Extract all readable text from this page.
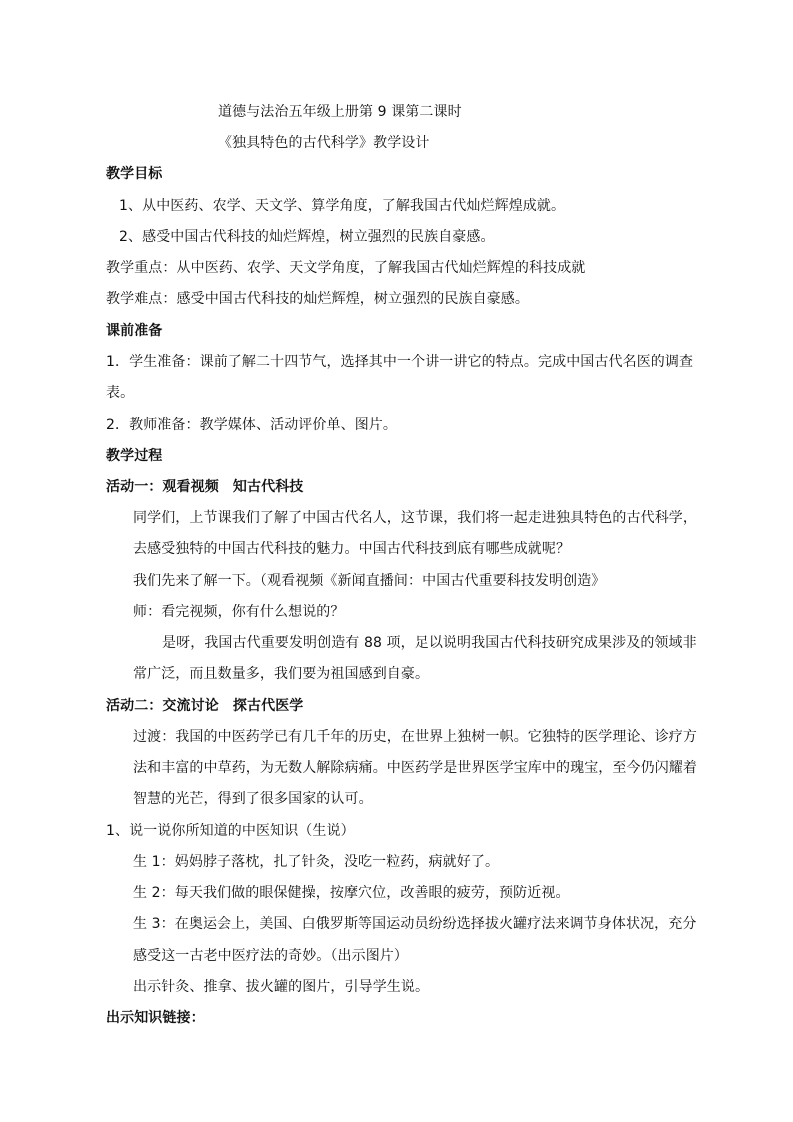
道德与法治五年级上册第 9 课第二课时
《独具特色的古代科学》教学设计
教学目标
1、从中医药、农学、天文学、算学角度，了解我国古代灿烂辉煌成就。
2、感受中国古代科技的灿烂辉煌，树立强烈的民族自豪感。
教学重点：从中医药、农学、天文学角度，了解我国古代灿烂辉煌的科技成就
教学难点：感受中国古代科技的灿烂辉煌，树立强烈的民族自豪感。
课前准备
1．学生准备：课前了解二十四节气，选择其中一个讲一讲它的特点。完成中国古代名医的调查
表。
2．教师准备：教学媒体、活动评价单、图片。
教学过程
活动一：观看视频　知古代科技
同学们，上节课我们了解了中国古代名人，这节课，我们将一起走进独具特色的古代科学，
去感受独特的中国古代科技的魅力。中国古代科技到底有哪些成就呢？
我们先来了解一下。（观看视频《新闻直播间：中国古代重要科技发明创造》
师：看完视频，你有什么想说的？
是呀，我国古代重要发明创造有 88 项，足以说明我国古代科技研究成果涉及的领域非
常广泛，而且数量多，我们要为祖国感到自豪。
活动二：交流讨论　探古代医学
过渡：我国的中医药学已有几千年的历史，在世界上独树一帜。它独特的医学理论、诊疗方
法和丰富的中草药，为无数人解除病痛。中医药学是世界医学宝库中的瑰宝，至今仍闪耀着
智慧的光芒，得到了很多国家的认可。
1、说一说你所知道的中医知识（生说）
生 1：妈妈脖子落枕，扎了针灸，没吃一粒药，病就好了。
生 2：每天我们做的眼保健操，按摩穴位，改善眼的疲劳，预防近视。
生 3：在奥运会上，美国、白俄罗斯等国运动员纷纷选择拔火罐疗法来调节身体状况，充分
感受这一古老中医疗法的奇妙。（出示图片）
出示针灸、推拿、拔火罐的图片，引导学生说。
出示知识链接：
